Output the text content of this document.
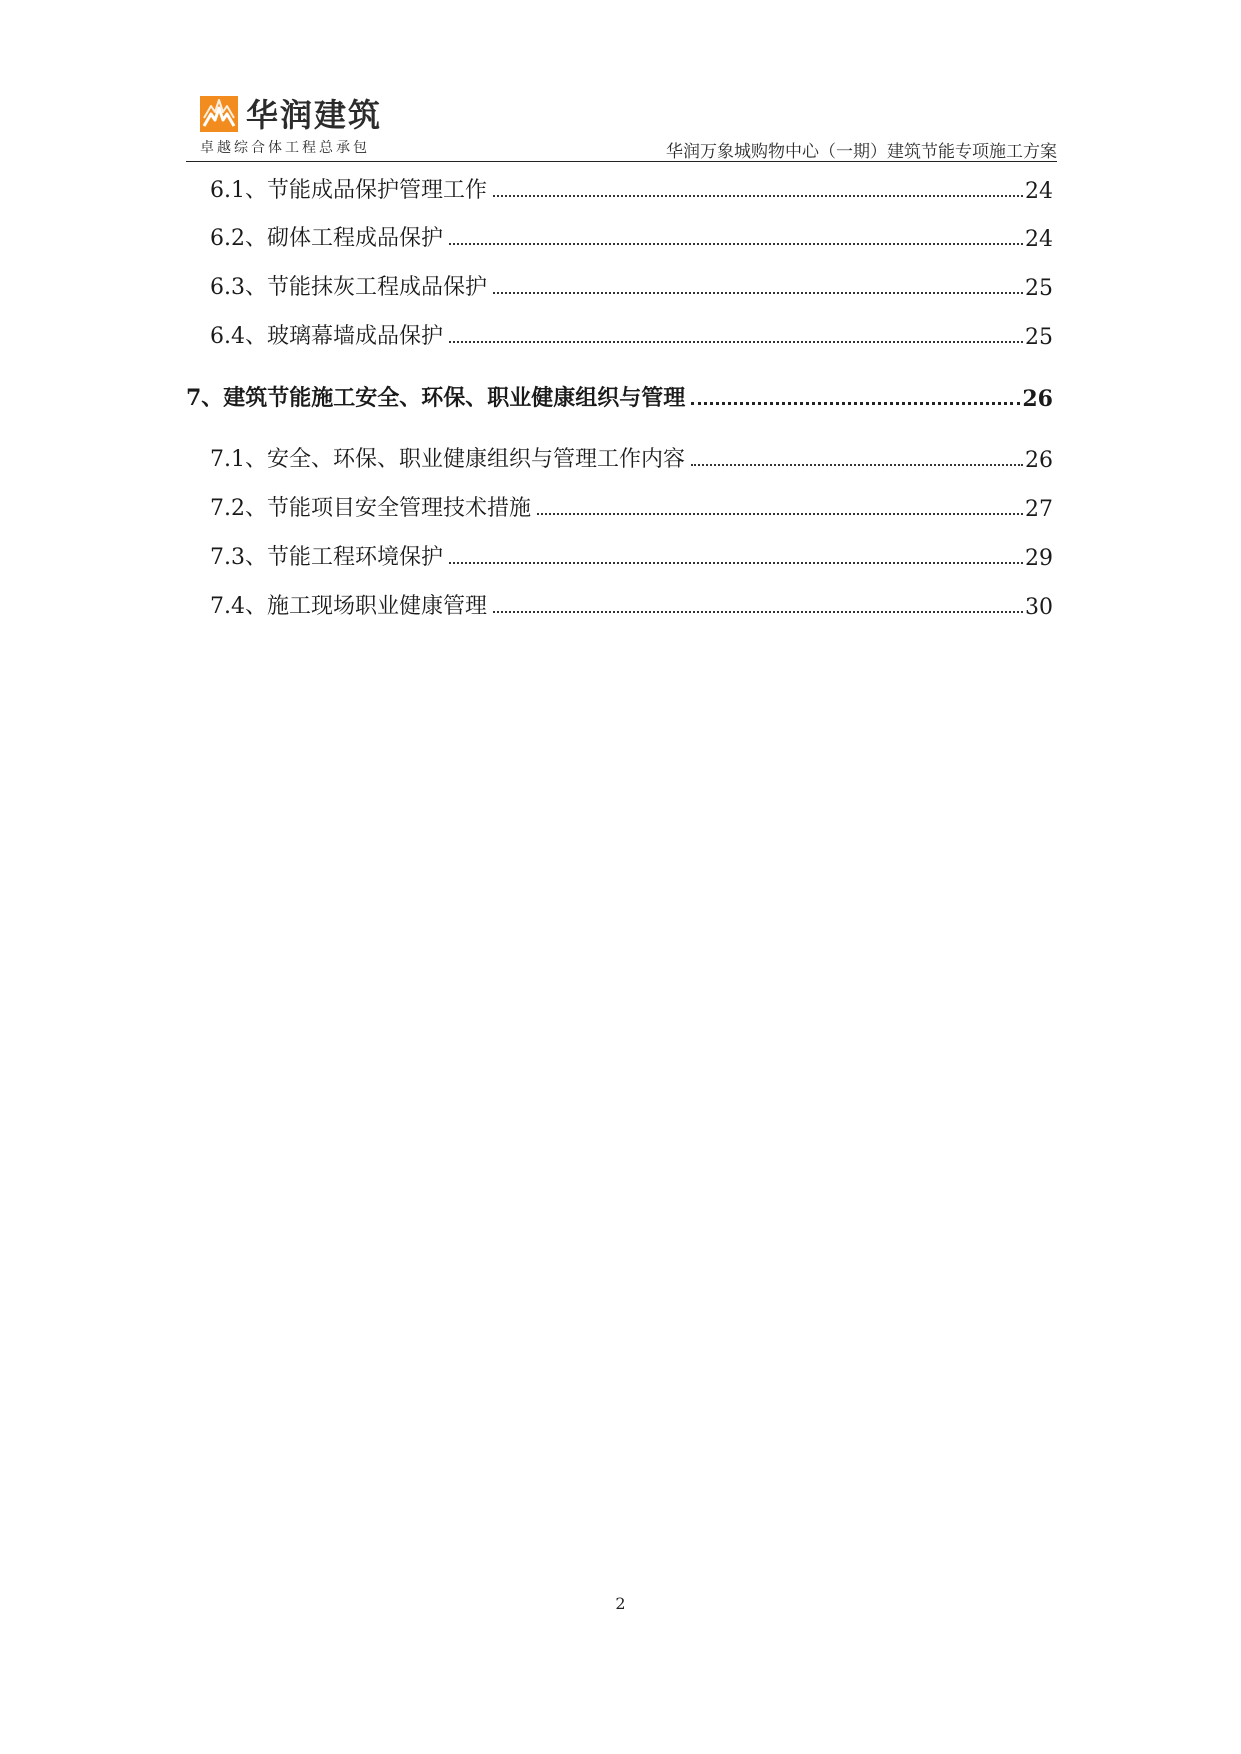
华润建筑
卓越综合体工程总承包	华润万象城购物中心（一期）建筑节能专项施工方案
6.1、节能成品保护管理工作	24
6.2、砌体工程成品保护	24
6.3、节能抹灰工程成品保护	25
6.4、玻璃幕墙成品保护	25
7、建筑节能施工安全、环保、职业健康组织与管理	26
7.1、安全、环保、职业健康组织与管理工作内容	26
7.2、节能项目安全管理技术措施	27
7.3、节能工程环境保护	29
7.4、施工现场职业健康管理	30
2
